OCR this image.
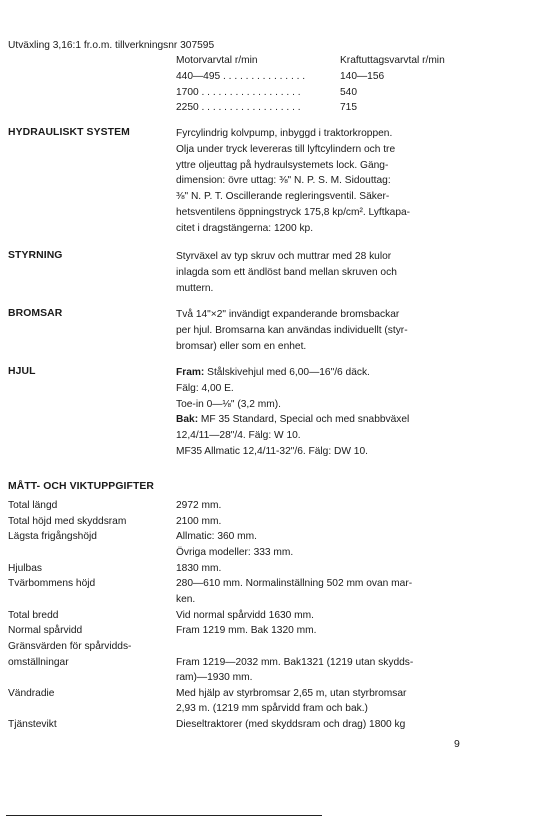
Utväxling 3,16:1 fr.o.m. tillverkningsnr 307595
Motorvarvtal r/min	Kraftuttagsvarvtal r/min
440—495 . . . . . . . . . . . . . . .	140—156
1700 . . . . . . . . . . . . . . . . . .	540
2250 . . . . . . . . . . . . . . . . . .	715
HYDRAULISKT SYSTEM	Fyrcylindrig kolvpump, inbyggd i traktorkroppen.
Olja under tryck levereras till lyftcylindern och tre
yttre oljeuttag på hydraulsystemets lock. Gäng-
dimension: övre uttag: ⅜" N. P. S. M. Sidouttag:
⅜" N. P. T. Oscillerande regleringsventil. Säker-
hetsventilens öppningstryck 175,8 kp/cm². Lyftkapa-
citet i dragstängerna: 1200 kp.
STYRNING	Styrväxel av typ skruv och muttrar med 28 kulor
inlagda som ett ändlöst band mellan skruven och
muttern.
BROMSAR	Två 14"×2" invändigt expanderande bromsbackar
per hjul. Bromsarna kan användas individuellt (styr-
bromsar) eller som en enhet.
HJUL	Fram: Stålskivehjul med 6,00—16"/6 däck.
Fälg: 4,00 E.
Toe-in 0—⅛" (3,2 mm).
Bak: MF 35 Standard, Special och med snabbväxel
12,4/11—28"/4. Fälg: W 10.
MF35 Allmatic 12,4/11-32"/6. Fälg: DW 10.
MÅTT- OCH VIKTUPPGIFTER
Total längd	2972 mm.
Total höjd med skyddsram	2100 mm.
Lägsta frigångshöjd	Allmatic: 360 mm.
Övriga modeller: 333 mm.
Hjulbas	1830 mm.
Tvärbommens höjd	280—610 mm. Normalinställning 502 mm ovan mar-
ken.
Total bredd	Vid normal spårvidd 1630 mm.
Normal spårvidd	Fram 1219 mm. Bak 1320 mm.
Gränsvärden för spårvidds-
omställningar	Fram 1219—2032 mm. Bak1321 (1219 utan skydds-
ram)—1930 mm.
Vändradie	Med hjälp av styrbromsar 2,65 m, utan styrbromsar
2,93 m. (1219 mm spårvidd fram och bak.)
Tjänstevikt	Dieseltraktorer (med skyddsram och drag) 1800 kg
9
